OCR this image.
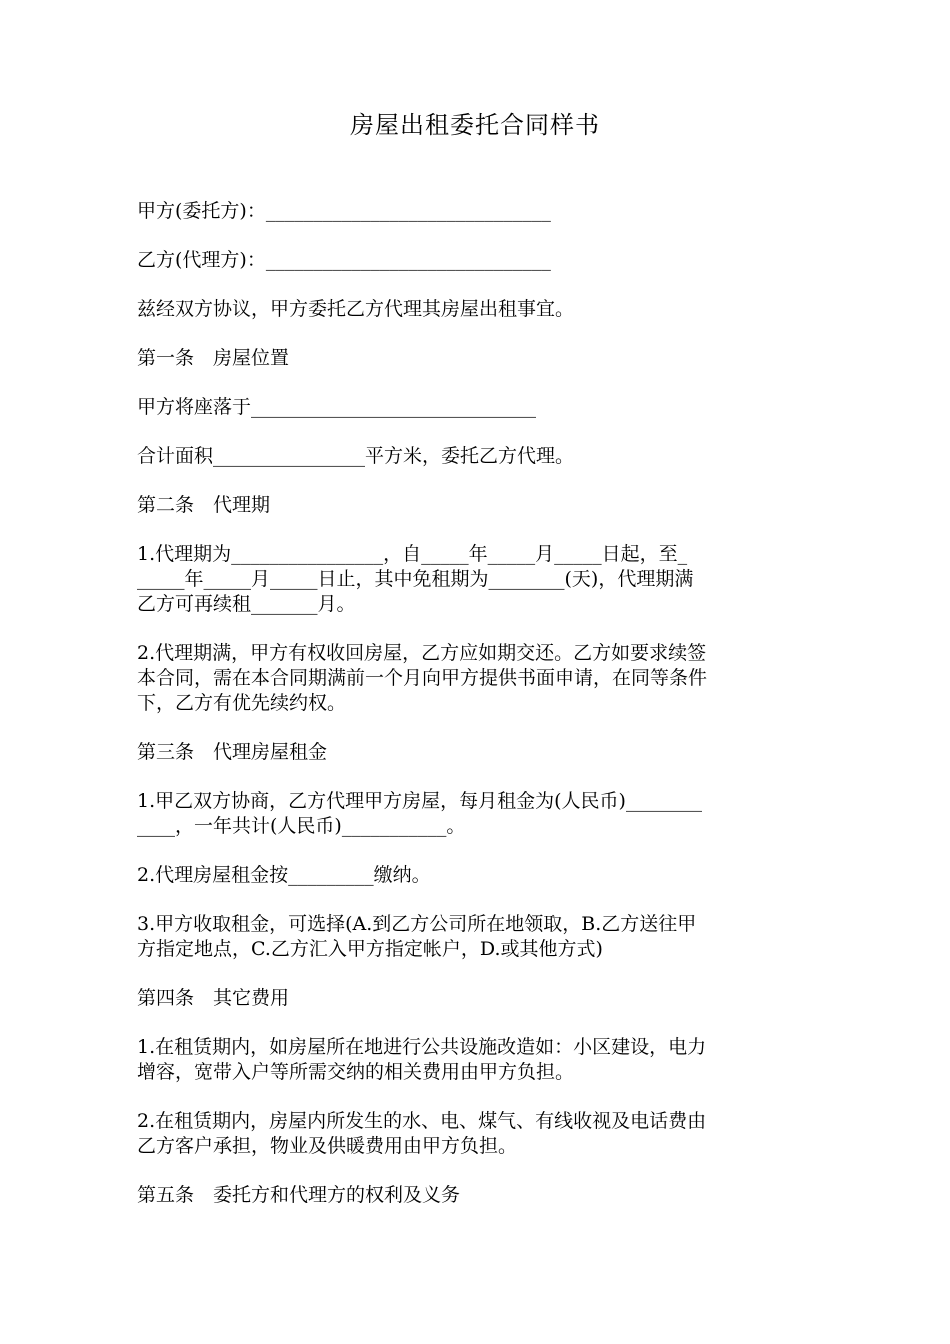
房屋出租委托合同样书

甲方(委托方)：______________________________

乙方(代理方)：______________________________

兹经双方协议，甲方委托乙方代理其房屋出租事宜。

第一条　房屋位置

甲方将座落于______________________________

合计面积________________平方米，委托乙方代理。

第二条　代理期

1.代理期为________________，自_____年_____月_____日起，至_
_____年_____月_____日止，其中免租期为________(天)，代理期满
乙方可再续租_______月。

2.代理期满，甲方有权收回房屋，乙方应如期交还。乙方如要求续签
本合同，需在本合同期满前一个月向甲方提供书面申请，在同等条件
下，乙方有优先续约权。

第三条　代理房屋租金

1.甲乙双方协商，乙方代理甲方房屋，每月租金为(人民币)________
____，一年共计(人民币)___________。

2.代理房屋租金按_________缴纳。

3.甲方收取租金，可选择(A.到乙方公司所在地领取，B.乙方送往甲
方指定地点，C.乙方汇入甲方指定帐户，D.或其他方式)

第四条　其它费用

1.在租赁期内，如房屋所在地进行公共设施改造如：小区建设，电力
增容，宽带入户等所需交纳的相关费用由甲方负担。

2.在租赁期内，房屋内所发生的水、电、煤气、有线收视及电话费由
乙方客户承担，物业及供暖费用由甲方负担。

第五条　委托方和代理方的权利及义务
